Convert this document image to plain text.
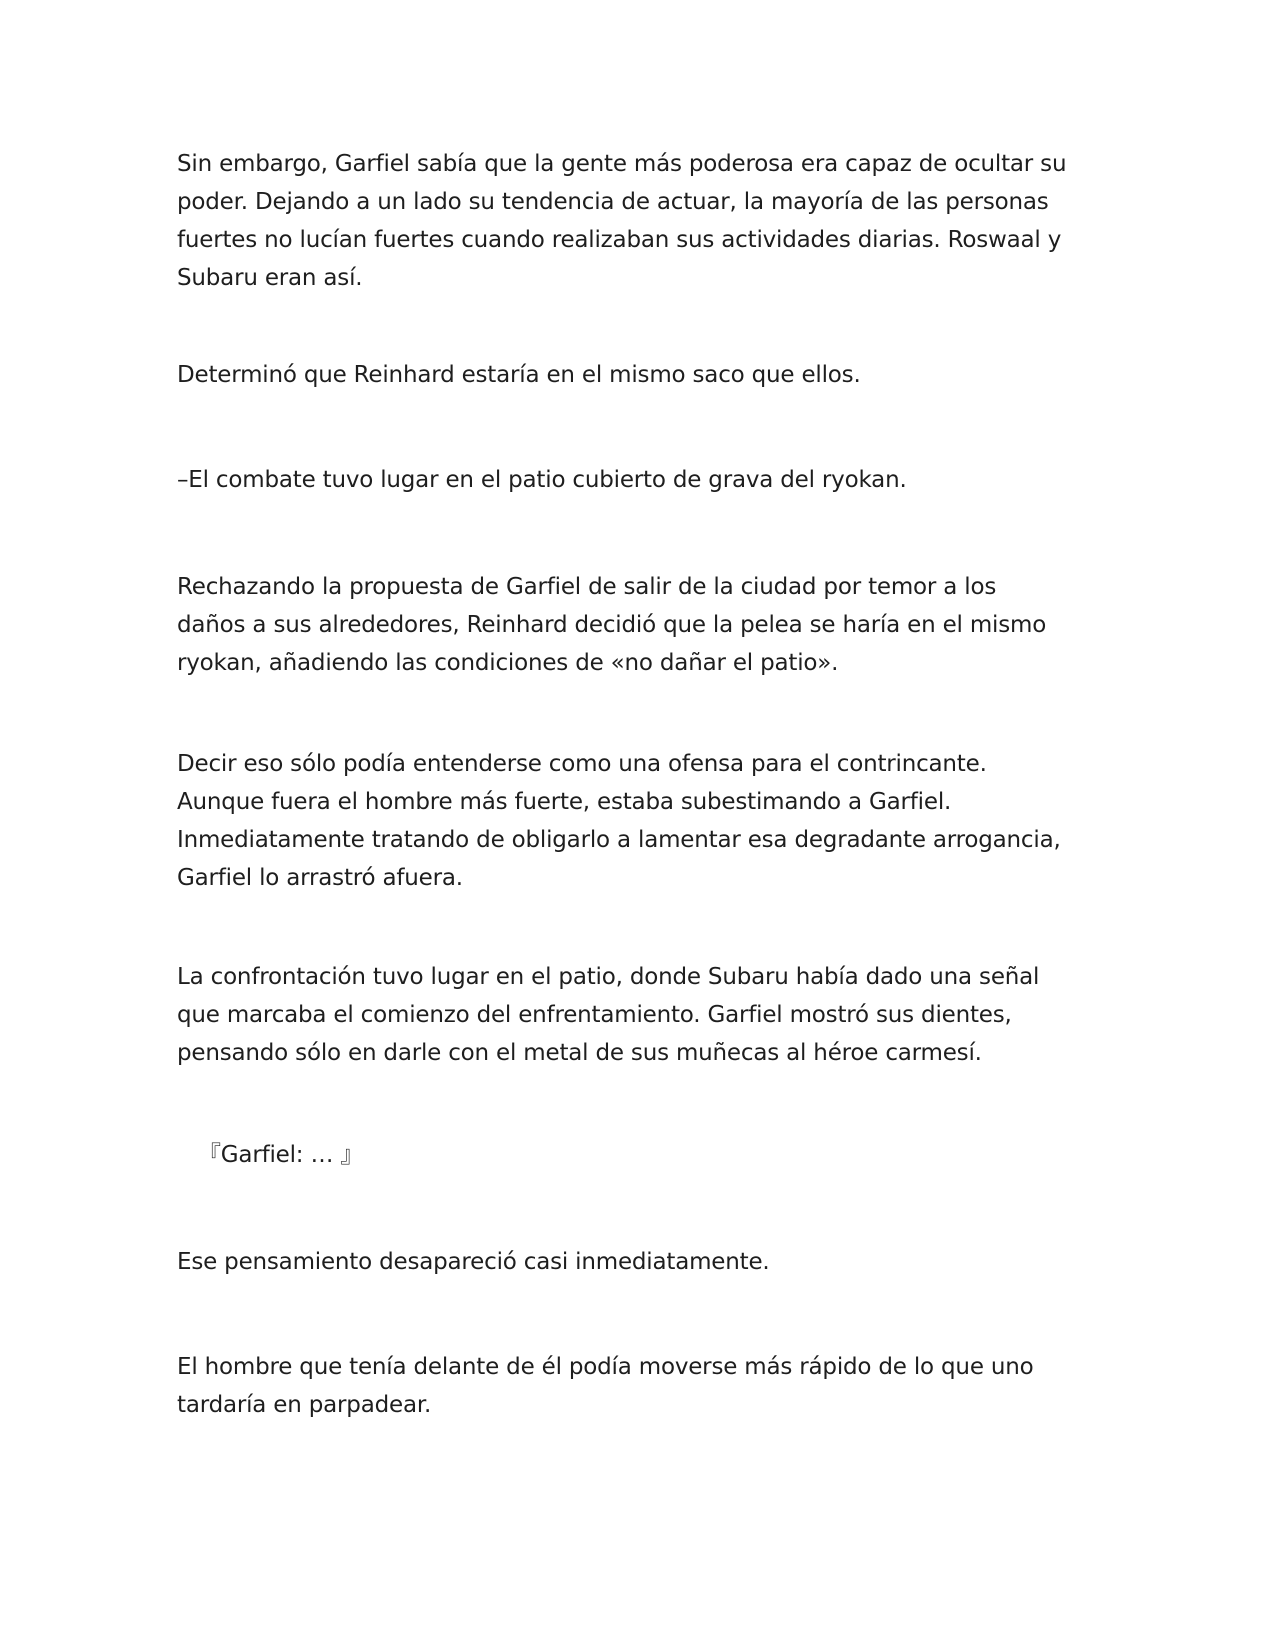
Sin embargo, Garfiel sabía que la gente más poderosa era capaz de ocultar su
poder. Dejando a un lado su tendencia de actuar, la mayoría de las personas
fuertes no lucían fuertes cuando realizaban sus actividades diarias. Roswaal y
Subaru eran así.

Determinó que Reinhard estaría en el mismo saco que ellos.

–El combate tuvo lugar en el patio cubierto de grava del ryokan.

Rechazando la propuesta de Garfiel de salir de la ciudad por temor a los
daños a sus alrededores, Reinhard decidió que la pelea se haría en el mismo
ryokan, añadiendo las condiciones de «no dañar el patio».

Decir eso sólo podía entenderse como una ofensa para el contrincante.
Aunque fuera el hombre más fuerte, estaba subestimando a Garfiel.
Inmediatamente tratando de obligarlo a lamentar esa degradante arrogancia,
Garfiel lo arrastró afuera.

La confrontación tuvo lugar en el patio, donde Subaru había dado una señal
que marcaba el comienzo del enfrentamiento. Garfiel mostró sus dientes,
pensando sólo en darle con el metal de sus muñecas al héroe carmesí.

『Garfiel: … 』

Ese pensamiento desapareció casi inmediatamente.

El hombre que tenía delante de él podía moverse más rápido de lo que uno
tardaría en parpadear.
